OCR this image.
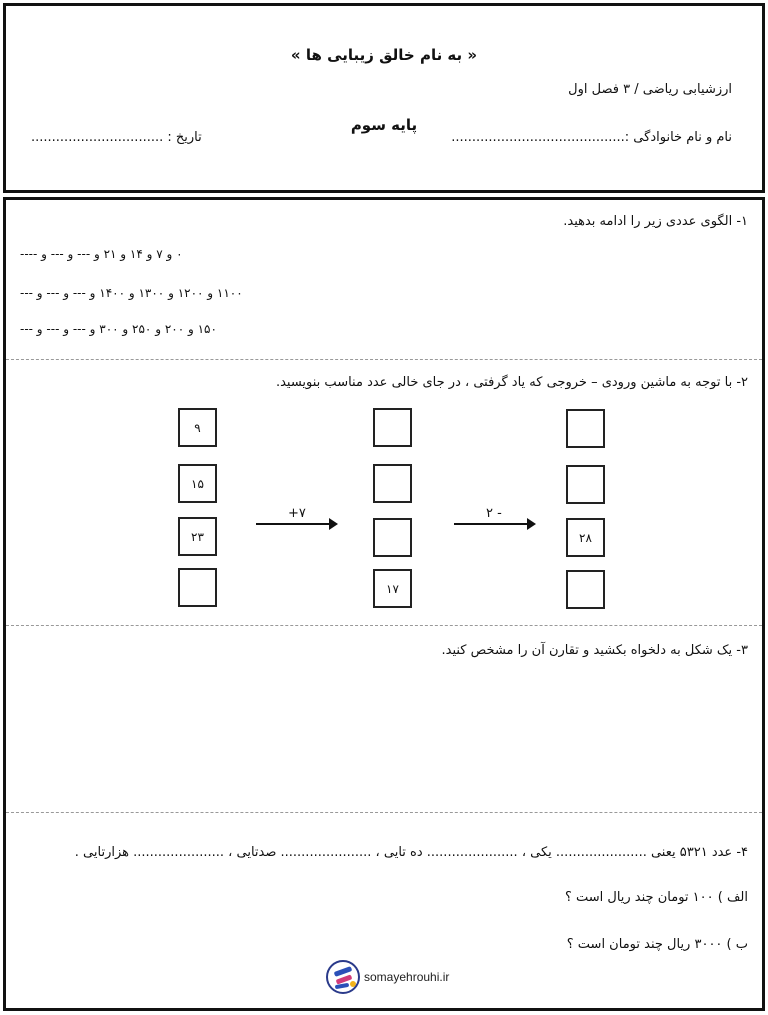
« به نام خالق زیبایی ها »
ارزشیابی ریاضی / ۳ فصل اول
پایه سوم
نام و نام خانوادگی :..........................................
تاریخ : ................................
۱- الگوی عددی زیر را ادامه بدهید.
۰ و ۷ و ۱۴ و ۲۱ و --- و --- و ----
۱۱۰۰ و ۱۲۰۰ و ۱۳۰۰ و ۱۴۰۰ و --- و --- و ---
۱۵۰ و ۲۰۰ و ۲۵۰ و ۳۰۰ و --- و --- و ---
۲- با توجه به ماشین ورودی – خروجی که یاد گرفتی ، در جای خالی عدد مناسب بنویسید.
۹
۱۵
۲۳
+۷
۱۷
- ۲
۲۸
۳- یک شکل به دلخواه بکشید و تقارن آن را مشخص کنید.
۴- عدد ۵۳۲۱ یعنی ...................... یکی ، ...................... ده تایی ، ...................... صدتایی ، ...................... هزارتایی .
الف ) ۱۰۰ تومان چند ریال است ؟
ب ) ۳۰۰۰ ریال چند تومان است ؟
somayehrouhi.ir
